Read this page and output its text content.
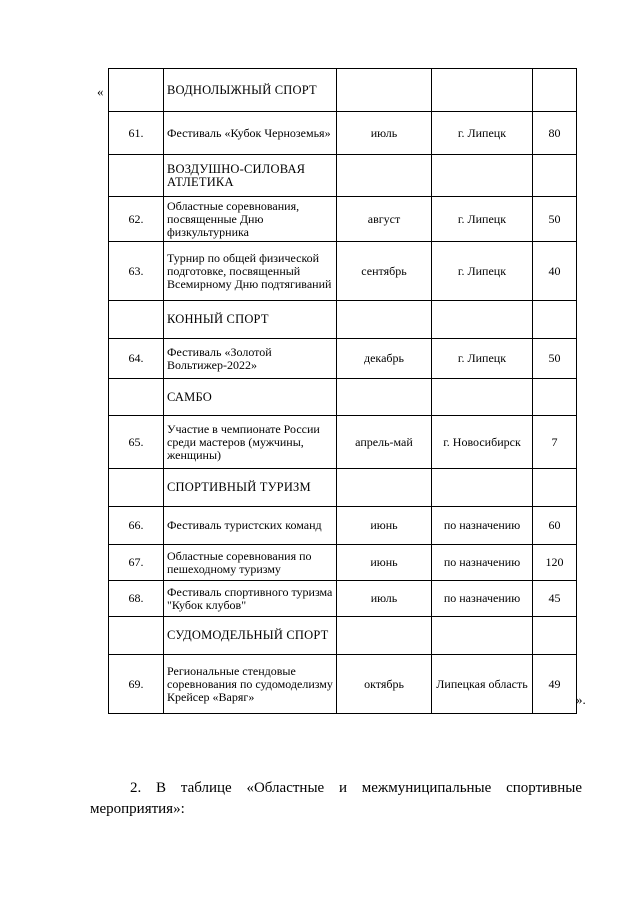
«
		ВОДНОЛЫЖНЫЙ СПОРТ			
61.	Фестиваль «Кубок Черноземья»	июль	г. Липецк	80
	ВОЗДУШНО-СИЛОВАЯ АТЛЕТИКА			
62.	Областные соревнования, посвященные Дню физкультурника	август	г. Липецк	50
63.	Турнир по общей физической подготовке, посвященный Всемирному Дню подтягиваний	сентябрь	г. Липецк	40
	КОННЫЙ СПОРТ			
64.	Фестиваль «Золотой Вольтижер-2022»	декабрь	г. Липецк	50
	САМБО			
65.	Участие в чемпионате России среди мастеров (мужчины, женщины)	апрель-май	г. Новосибирск	7
	СПОРТИВНЫЙ ТУРИЗМ			
66.	Фестиваль туристских команд	июнь	по назначению	60
67.	Областные соревнования по пешеходному туризму	июнь	по назначению	120
68.	Фестиваль спортивного туризма "Кубок клубов"	июль	по назначению	45
	СУДОМОДЕЛЬНЫЙ СПОРТ			
69.	Региональные стендовые соревнования по судомоделизму Крейсер «Варяг»	октябрь	Липецкая область	49
».

2. В таблице «Областные и межмуниципальные спортивные мероприятия»:
